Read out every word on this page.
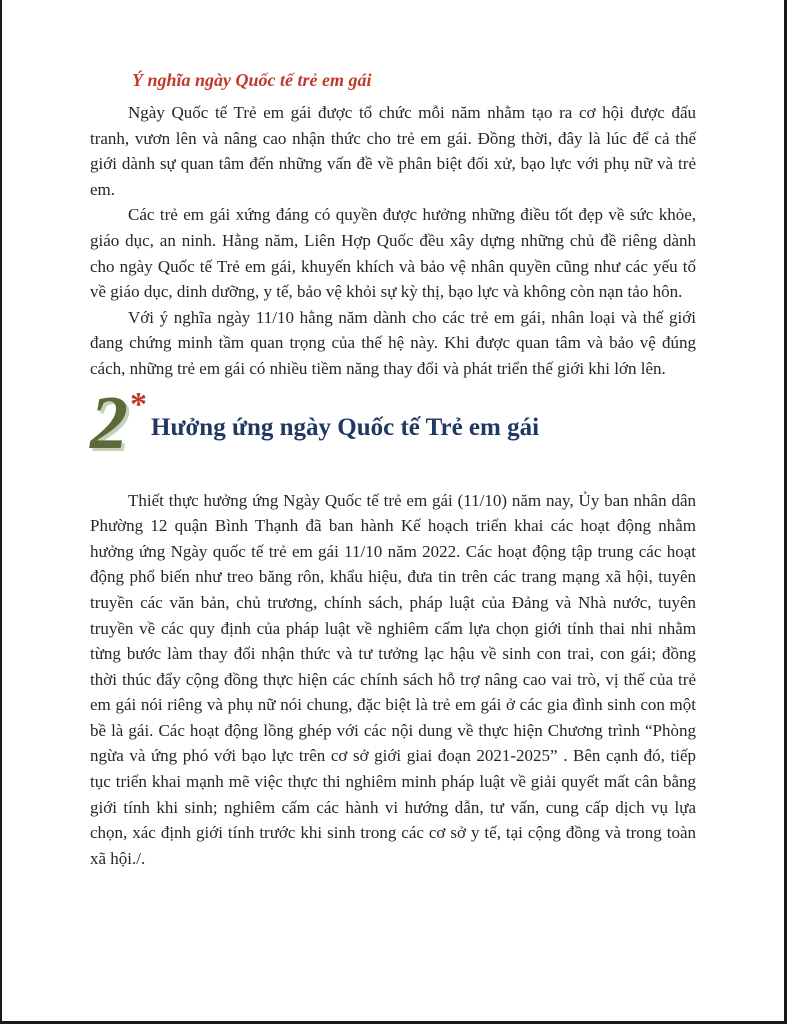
Ý nghĩa ngày Quốc tế trẻ em gái

Ngày Quốc tế Trẻ em gái được tổ chức mỗi năm nhằm tạo ra cơ hội được đấu tranh, vươn lên và nâng cao nhận thức cho trẻ em gái. Đồng thời, đây là lúc để cả thế giới dành sự quan tâm đến những vấn đề về phân biệt đối xử, bạo lực với phụ nữ và trẻ em.

Các trẻ em gái xứng đáng có quyền được hưởng những điều tốt đẹp về sức khỏe, giáo dục, an ninh. Hằng năm, Liên Hợp Quốc đều xây dựng những chủ đề riêng dành cho ngày Quốc tế Trẻ em gái, khuyến khích và bảo vệ nhân quyền cũng như các yếu tố về giáo dục, dinh dưỡng, y tế, bảo vệ khỏi sự kỳ thị, bạo lực và không còn nạn tảo hôn.

Với ý nghĩa ngày 11/10 hằng năm dành cho các trẻ em gái, nhân loại và thế giới đang chứng minh tầm quan trọng của thế hệ này. Khi được quan tâm và bảo vệ đúng cách, những trẻ em gái có nhiều tiềm năng thay đổi và phát triển thế giới khi lớn lên.

2 *
Hưởng ứng ngày Quốc tế Trẻ em gái

Thiết thực hưởng ứng Ngày Quốc tế trẻ em gái (11/10) năm nay, Ủy ban nhân dân Phường 12 quận Bình Thạnh đã ban hành Kế hoạch triển khai các hoạt động nhằm hưởng ứng Ngày quốc tế trẻ em gái 11/10 năm 2022. Các hoạt động tập trung các hoạt động phổ biến như treo băng rôn, khẩu hiệu, đưa tin trên các trang mạng xã hội, tuyên truyền các văn bản, chủ trương, chính sách, pháp luật của Đảng và Nhà nước, tuyên truyền về các quy định của pháp luật về nghiêm cấm lựa chọn giới tính thai nhi nhằm từng bước làm thay đổi nhận thức và tư tưởng lạc hậu về sinh con trai, con gái; đồng thời thúc đẩy cộng đồng thực hiện các chính sách hỗ trợ nâng cao vai trò, vị thế của trẻ em gái nói riêng và phụ nữ nói chung, đặc biệt là trẻ em gái ở các gia đình sinh con một bề là gái. Các hoạt động lồng ghép với các nội dung về thực hiện Chương trình “Phòng ngừa và ứng phó với bạo lực trên cơ sở giới giai đoạn 2021-2025” . Bên cạnh đó, tiếp tục triển khai mạnh mẽ việc thực thi nghiêm minh pháp luật về giải quyết mất cân bằng giới tính khi sinh; nghiêm cấm các hành vi hướng dẫn, tư vấn, cung cấp dịch vụ lựa chọn, xác định giới tính trước khi sinh trong các cơ sở y tế, tại cộng đồng và trong toàn xã hội./.
